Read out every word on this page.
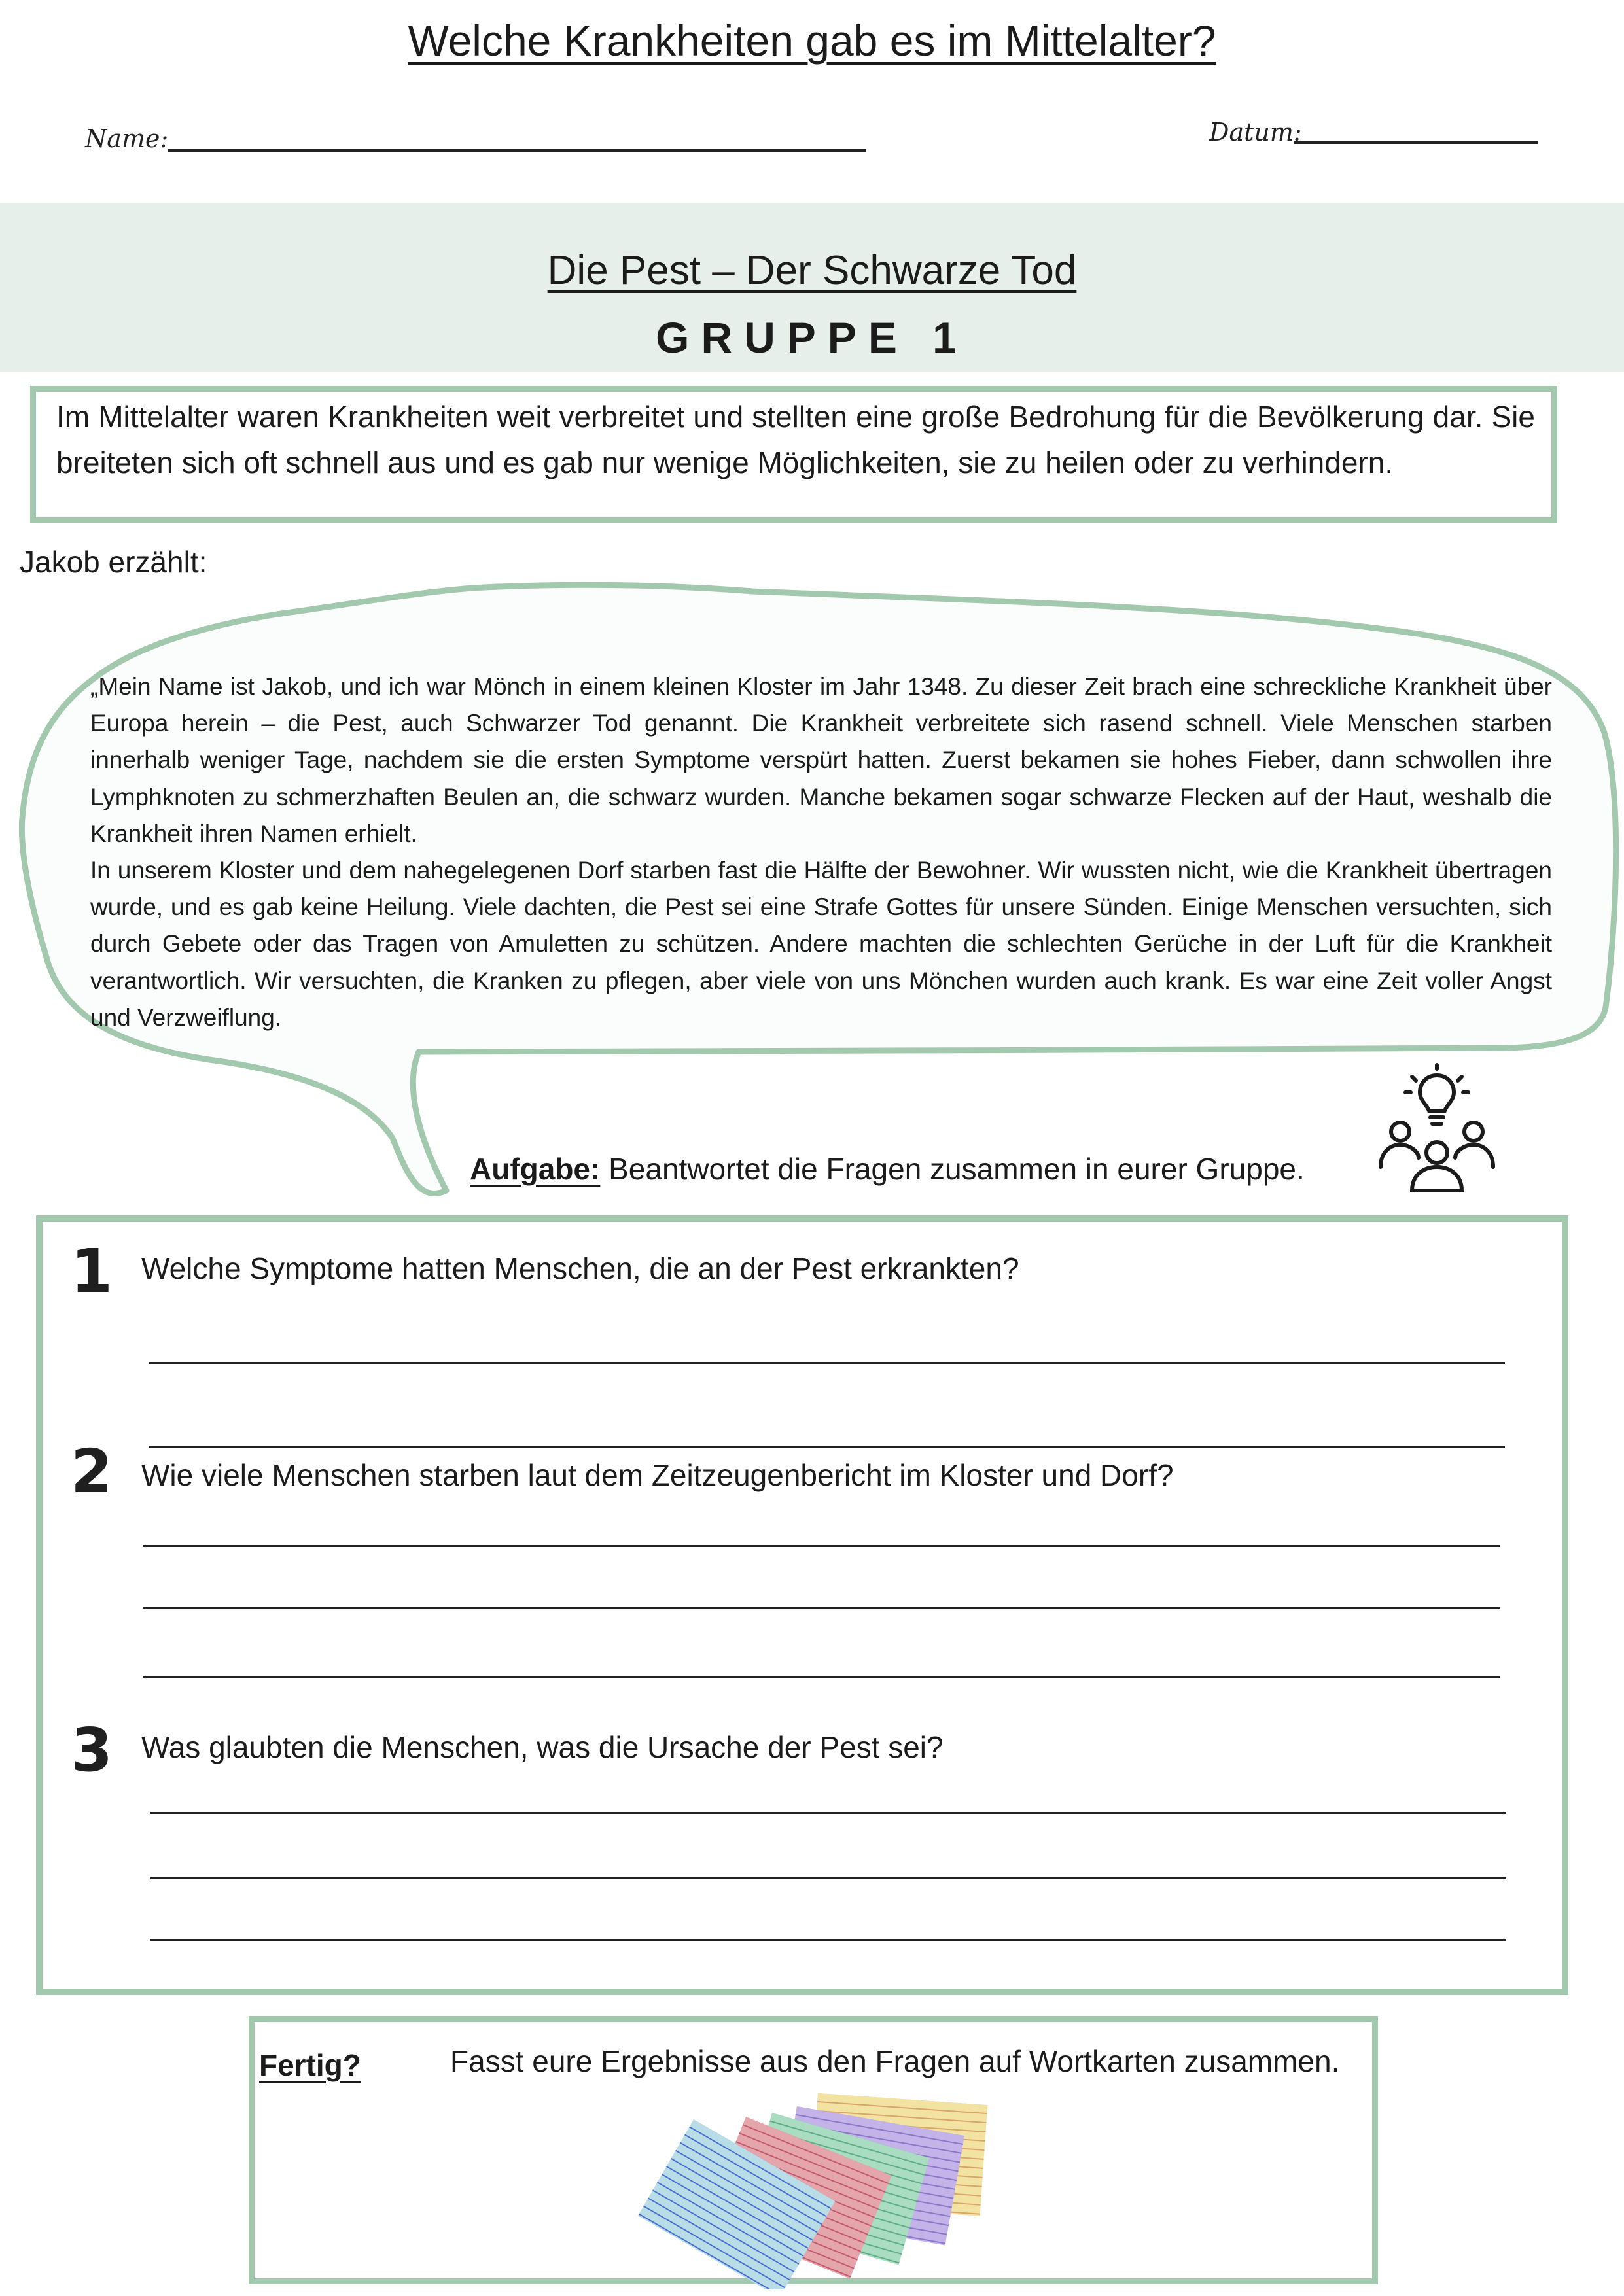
Welche Krankheiten gab es im Mittelalter?
Name:	Datum:
Die Pest – Der Schwarze Tod
GRUPPE 1
Im Mittelalter waren Krankheiten weit verbreitet und stellten eine große Bedrohung für die Bevölkerung dar. Sie breiteten sich oft schnell aus und es gab nur wenige Möglichkeiten, sie zu heilen oder zu verhindern.
Jakob erzählt:

„Mein Name ist Jakob, und ich war Mönch in einem kleinen Kloster im Jahr 1348. Zu dieser Zeit brach eine schreckliche Krankheit über Europa herein – die Pest, auch Schwarzer Tod genannt. Die Krankheit verbreitete sich rasend schnell. Viele Menschen starben innerhalb weniger Tage, nachdem sie die ersten Symptome verspürt hatten. Zuerst bekamen sie hohes Fieber, dann schwollen ihre Lymphknoten zu schmerzhaften Beulen an, die schwarz wurden. Manche bekamen sogar schwarze Flecken auf der Haut, weshalb die Krankheit ihren Namen erhielt.

In unserem Kloster und dem nahegelegenen Dorf starben fast die Hälfte der Bewohner. Wir wussten nicht, wie die Krankheit übertragen wurde, und es gab keine Heilung. Viele dachten, die Pest sei eine Strafe Gottes für unsere Sünden. Einige Menschen versuchten, sich durch Gebete oder das Tragen von Amuletten zu schützen. Andere machten die schlechten Gerüche in der Luft für die Krankheit verantwortlich. Wir versuchten, die Kranken zu pflegen, aber viele von uns Mönchen wurden auch krank. Es war eine Zeit voller Angst und Verzweiflung.

Aufgabe: Beantwortet die Fragen zusammen in eurer Gruppe.
1 Welche Symptome hatten Menschen, die an der Pest erkrankten?
2 Wie viele Menschen starben laut dem Zeitzeugenbericht im Kloster und Dorf?
3 Was glaubten die Menschen, was die Ursache der Pest sei?
Fertig?	Fasst eure Ergebnisse aus den Fragen auf Wortkarten zusammen.
